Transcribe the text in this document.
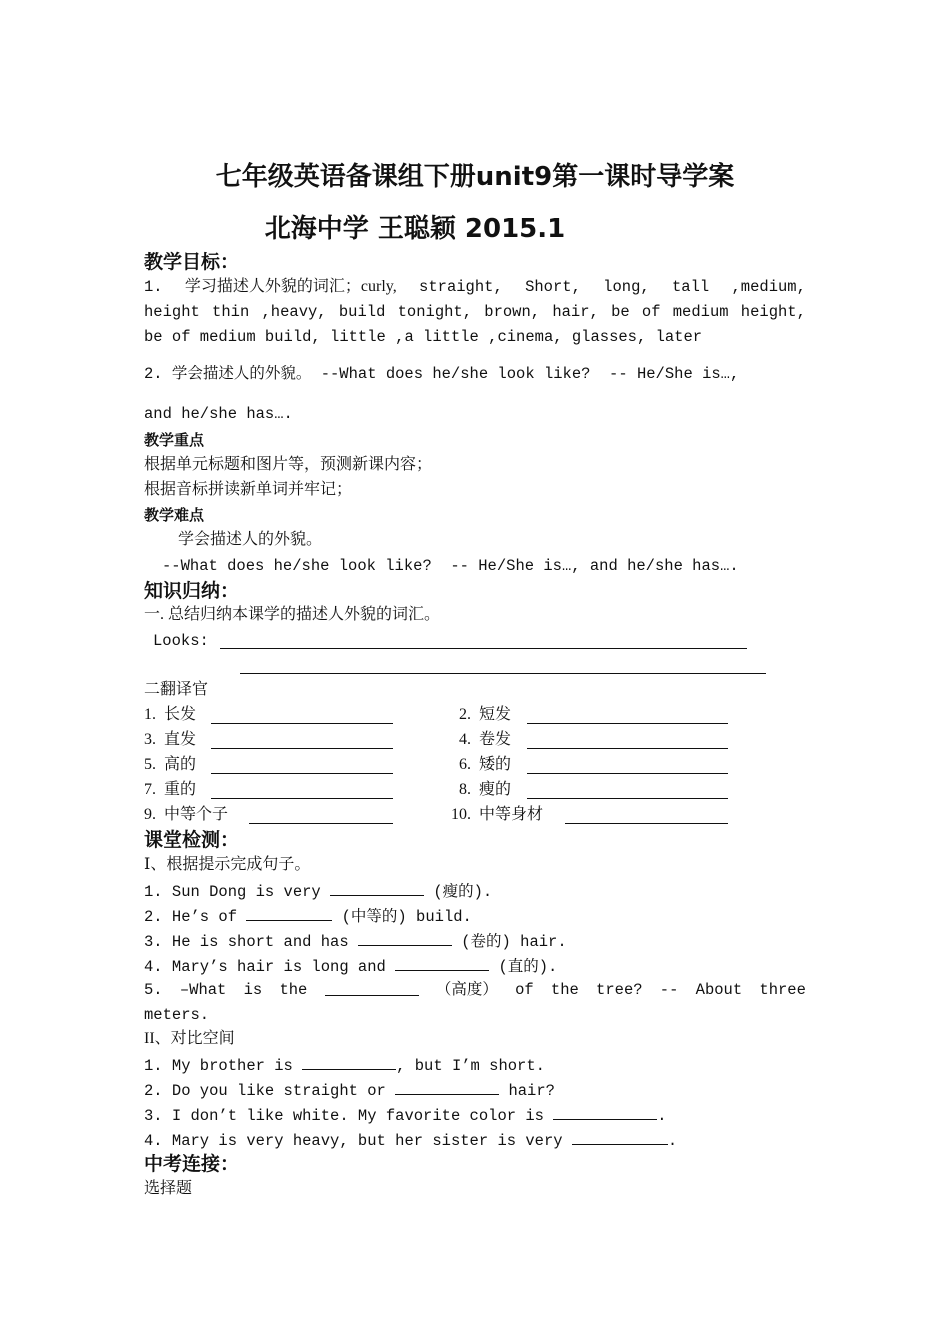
七年级英语备课组下册unit9第一课时导学案
北海中学 王聪颖 2015.1
教学目标：
1. 学习描述人外貌的词汇；curly, straight, Short, long, tall ,medium,
height thin ,heavy, build tonight, brown, hair, be of medium height,
be of medium build, little ,a little ,cinema, glasses, later
2. 学会描述人的外貌。 --What does he/she look like?  -- He/She is…,
and he/she has….
教学重点
根据单元标题和图片等，预测新课内容；
根据音标拼读新单词并牢记；
教学难点
学会描述人的外貌。
--What does he/she look like?  -- He/She is…, and he/she has….
知识归纳：
一. 总结归纳本课学的描述人外貌的词汇。
Looks:
二翻译官
1. 长发	2. 短发
3. 直发	4. 卷发
5. 高的	6. 矮的
7. 重的	8. 瘦的
9. 中等个子	10. 中等身材
课堂检测：
Ⅰ、根据提示完成句子。
1. Sun Dong is very	(瘦的).
2. He’s of	(中等的) build.
3. He is short and has	(卷的) hair.
4. Mary’s hair is long and	(直的).
5. –What is the	（高度） of the tree? -- About three
meters.
II、对比空间
1. My brother is	, but I’m short.
2. Do you like straight or	hair?
3. I don’t like white. My favorite color is	.
4. Mary is very heavy, but her sister is very	.
中考连接：
选择题
